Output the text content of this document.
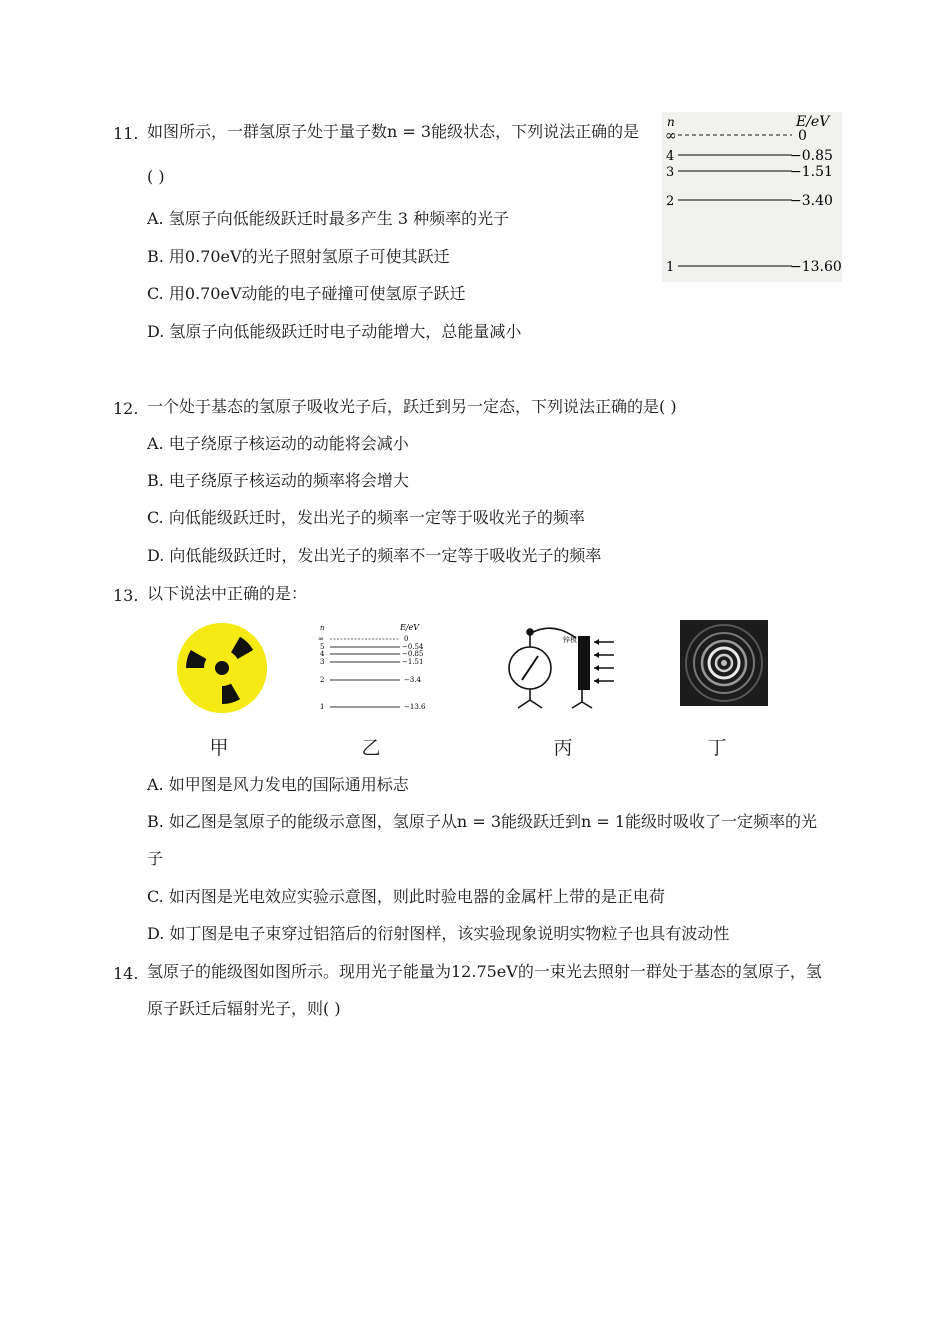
11. 如图所示，一群氢原子处于量子数n = 3能级状态，下列说法正确的是
( )
A. 氢原子向低能级跃迁时最多产生 3 种频率的光子
B. 用0.70eV的光子照射氢原子可使其跃迁
C. 用0.70eV动能的电子碰撞可使氢原子跃迁
D. 氢原子向低能级跃迁时电子动能增大，总能量减小
n	E/eV
∞	0
4	−0.85
3	−1.51
2	−3.40
1	−13.60
12. 一个处于基态的氢原子吸收光子后，跃迁到另一定态，下列说法正确的是( )
A. 电子绕原子核运动的动能将会减小
B. 电子绕原子核运动的频率将会增大
C. 向低能级跃迁时，发出光子的频率一定等于吸收光子的频率
D. 向低能级跃迁时，发出光子的频率不一定等于吸收光子的频率
13. 以下说法中正确的是：
n	E/eV
∞	0
5	−0.54
4	−0.85
3	−1.51
2	−3.4
1	−13.6
锌板
甲	乙	丙	丁
A. 如甲图是风力发电的国际通用标志
B. 如乙图是氢原子的能级示意图，氢原子从n = 3能级跃迁到n = 1能级时吸收了一定频率的光
子
C. 如丙图是光电效应实验示意图，则此时验电器的金属杆上带的是正电荷
D. 如丁图是电子束穿过铝箔后的衍射图样，该实验现象说明实物粒子也具有波动性
14. 氢原子的能级图如图所示。现用光子能量为12.75eV的一束光去照射一群处于基态的氢原子，氢
原子跃迁后辐射光子，则( )
